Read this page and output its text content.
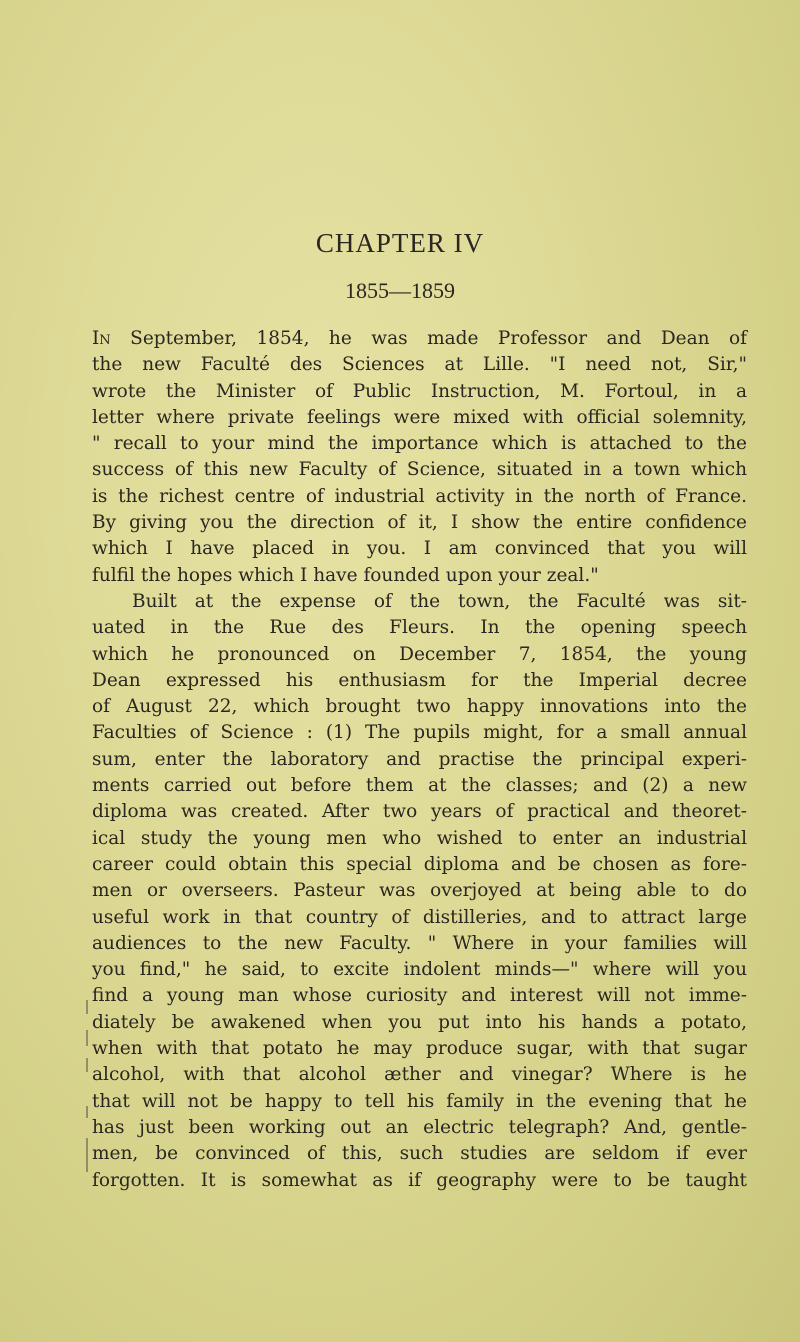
CHAPTER IV
1855—1859
In September, 1854, he was made Professor and Dean of
the new Faculté des Sciences at Lille. "I need not, Sir,"
wrote the Minister of Public Instruction, M. Fortoul, in a
letter where private feelings were mixed with official solemnity,
" recall to your mind the importance which is attached to the
success of this new Faculty of Science, situated in a town which
is the richest centre of industrial activity in the north of France.
By giving you the direction of it, I show the entire confidence
which I have placed in you. I am convinced that you will
fulfil the hopes which I have founded upon your zeal."
Built at the expense of the town, the Faculté was sit-
uated in the Rue des Fleurs. In the opening speech
which he pronounced on December 7, 1854, the young
Dean expressed his enthusiasm for the Imperial decree
of August 22, which brought two happy innovations into the
Faculties of Science : (1) The pupils might, for a small annual
sum, enter the laboratory and practise the principal experi-
ments carried out before them at the classes; and (2) a new
diploma was created. After two years of practical and theoret-
ical study the young men who wished to enter an industrial
career could obtain this special diploma and be chosen as fore-
men or overseers. Pasteur was overjoyed at being able to do
useful work in that country of distilleries, and to attract large
audiences to the new Faculty. " Where in your families will
you find," he said, to excite indolent minds—" where will you
find a young man whose curiosity and interest will not imme-
diately be awakened when you put into his hands a potato,
when with that potato he may produce sugar, with that sugar
alcohol, with that alcohol æther and vinegar? Where is he
that will not be happy to tell his family in the evening that he
has just been working out an electric telegraph? And, gentle-
men, be convinced of this, such studies are seldom if ever
forgotten. It is somewhat as if geography were to be taught
